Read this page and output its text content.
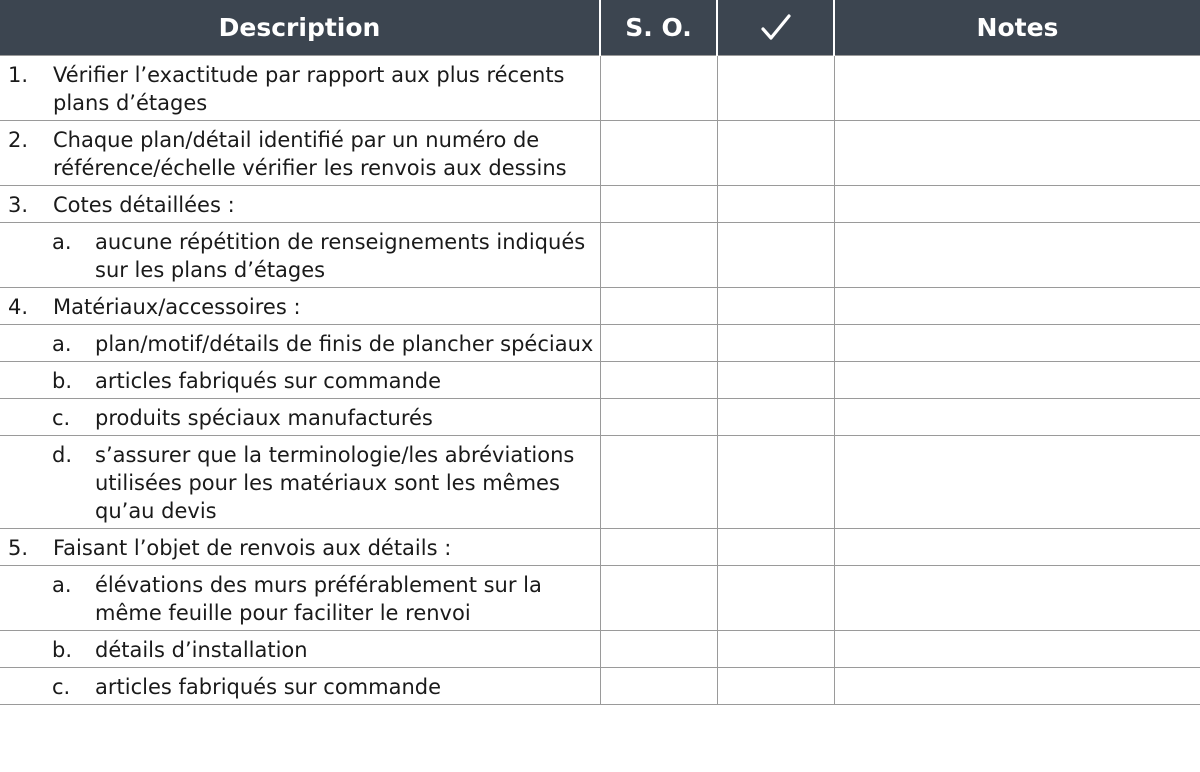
Description	S. O.		Notes

1. Vérifier l’exactitude par rapport aux plus récents plans d’étages			

2. Chaque plan/détail identifié par un numéro de référence/échelle vérifier les renvois aux dessins			

3. Cotes détaillées :			

a. aucune répétition de renseignements indiqués sur les plans d’étages			

4. Matériaux/accessoires :			

a. plan/motif/détails de finis de plancher spéciaux			

b. articles fabriqués sur commande			

c. produits spéciaux manufacturés			

d. s’assurer que la terminologie/les abréviations utilisées pour les matériaux sont les mêmes qu’au devis			

5. Faisant l’objet de renvois aux détails :			

a. élévations des murs préférablement sur la même feuille pour faciliter le renvoi			

b. détails d’installation			

c. articles fabriqués sur commande			
